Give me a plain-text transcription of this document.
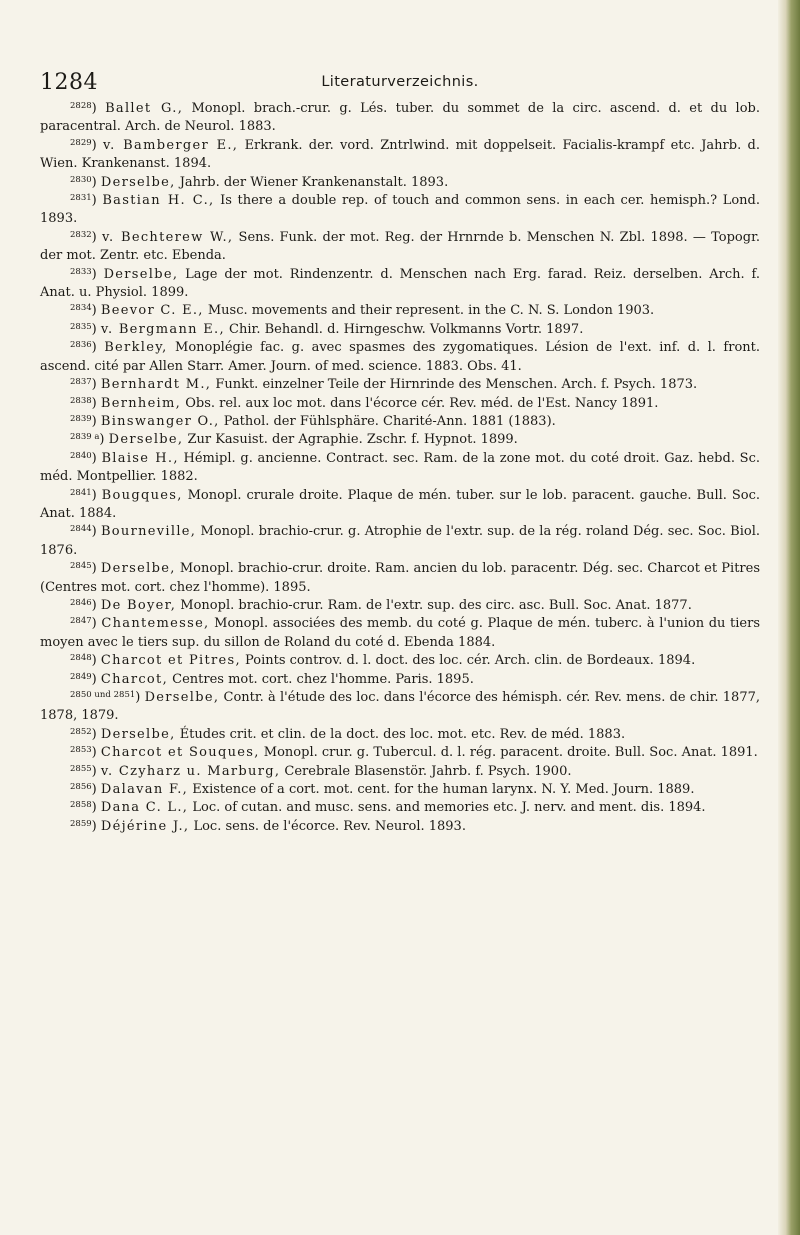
1284	Literaturverzeichnis.

$^{2828}$) Ballet G., Monopl. brach.-crur. g. Lés. tuber. du sommet de la circ. ascend. d. et du lob. paracentral. Arch. de Neurol. 1883.

$^{2829}$) v. Bamberger E., Erkrank. der. vord. Zntrlwind. mit doppelseit. Facialis-krampf etc. Jahrb. d. Wien. Krankenanst. 1894.

$^{2830}$) Derselbe, Jahrb. der Wiener Krankenanstalt. 1893.

$^{2831}$) Bastian H. C., Is there a double rep. of touch and common sens. in each cer. hemisph.? Lond. 1893.

$^{2832}$) v. Bechterew W., Sens. Funk. der mot. Reg. der Hrnrnde b. Menschen N. Zbl. 1898. — Topogr. der mot. Zentr. etc. Ebenda.

$^{2833}$) Derselbe, Lage der mot. Rindenzentr. d. Menschen nach Erg. farad. Reiz. derselben. Arch. f. Anat. u. Physiol. 1899.

$^{2834}$) Beevor C. E., Musc. movements and their represent. in the C. N. S. London 1903.

$^{2835}$) v. Bergmann E., Chir. Behandl. d. Hirngeschw. Volkmanns Vortr. 1897.

$^{2836}$) Berkley, Monoplégie fac. g. avec spasmes des zygomatiques. Lésion de l'ext. inf. d. l. front. ascend. cité par Allen Starr. Amer. Journ. of med. science. 1883. Obs. 41.

$^{2837}$) Bernhardt M., Funkt. einzelner Teile der Hirnrinde des Menschen. Arch. f. Psych. 1873.

$^{2838}$) Bernheim, Obs. rel. aux loc mot. dans l'écorce cér. Rev. méd. de l'Est. Nancy 1891.

$^{2839}$) Binswanger O., Pathol. der Fühlsphäre. Charité-Ann. 1881 (1883).

$^{2839 a}$) Derselbe, Zur Kasuist. der Agraphie. Zschr. f. Hypnot. 1899.

$^{2840}$) Blaise H., Hémipl. g. ancienne. Contract. sec. Ram. de la zone mot. du coté droit. Gaz. hebd. Sc. méd. Montpellier. 1882.

$^{2841}$) Bougques, Monopl. crurale droite. Plaque de mén. tuber. sur le lob. paracent. gauche. Bull. Soc. Anat. 1884.

$^{2844}$) Bourneville, Monopl. brachio-crur. g. Atrophie de l'extr. sup. de la rég. roland Dég. sec. Soc. Biol. 1876.

$^{2845}$) Derselbe, Monopl. brachio-crur. droite. Ram. ancien du lob. paracentr. Dég. sec. Charcot et Pitres (Centres mot. cort. chez l'homme). 1895.

$^{2846}$) De Boyer, Monopl. brachio-crur. Ram. de l'extr. sup. des circ. asc. Bull. Soc. Anat. 1877.

$^{2847}$) Chantemesse, Monopl. associées des memb. du coté g. Plaque de mén. tuberc. à l'union du tiers moyen avec le tiers sup. du sillon de Roland du coté d. Ebenda 1884.

$^{2848}$) Charcot et Pitres, Points controv. d. l. doct. des loc. cér. Arch. clin. de Bordeaux. 1894.

$^{2849}$) Charcot, Centres mot. cort. chez l'homme. Paris. 1895.

$^{2850 und 2851}$) Derselbe, Contr. à l'étude des loc. dans l'écorce des hémisph. cér. Rev. mens. de chir. 1877, 1878, 1879.

$^{2852}$) Derselbe, Études crit. et clin. de la doct. des loc. mot. etc. Rev. de méd. 1883.

$^{2853}$) Charcot et Souques, Monopl. crur. g. Tubercul. d. l. rég. paracent. droite. Bull. Soc. Anat. 1891.

$^{2855}$) v. Czyharz u. Marburg, Cerebrale Blasenstör. Jahrb. f. Psych. 1900.

$^{2856}$) Dalavan F., Existence of a cort. mot. cent. for the human larynx. N. Y. Med. Journ. 1889.

$^{2858}$) Dana C. L., Loc. of cutan. and musc. sens. and memories etc. J. nerv. and ment. dis. 1894.

$^{2859}$) Déjérine J., Loc. sens. de l'écorce. Rev. Neurol. 1893.
